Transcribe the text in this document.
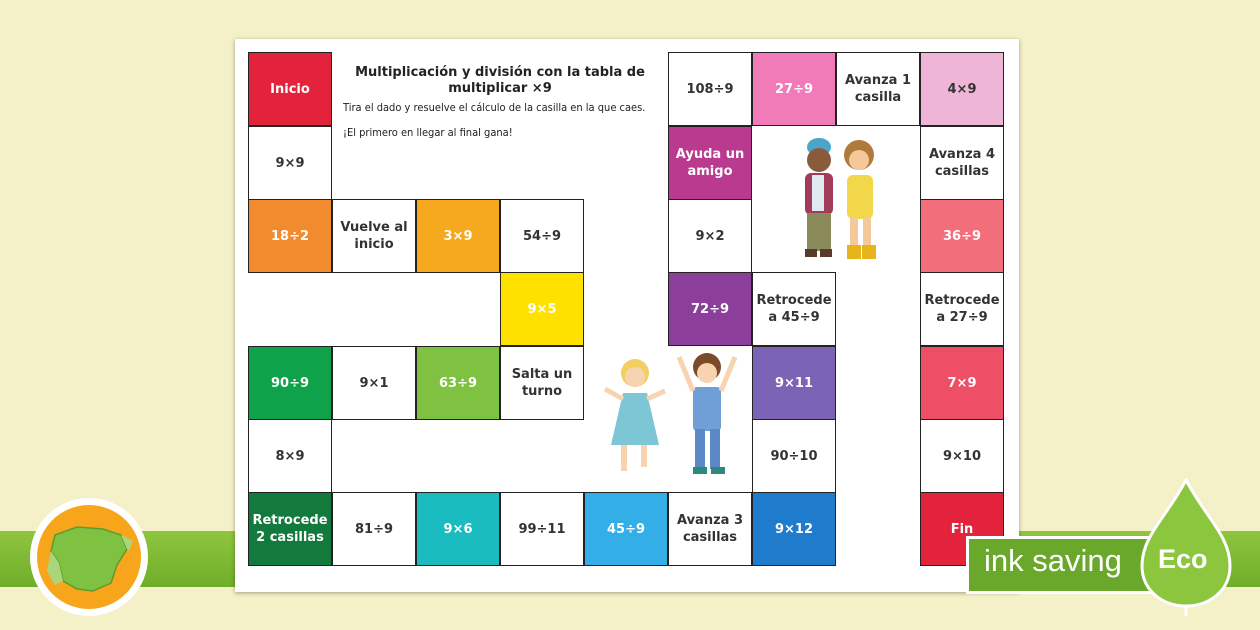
Multiplicación y división con la tabla de multiplicar ×9
Tira el dado y resuelve el cálculo de la casilla en la que caes.
¡El primero en llegar al final gana!
Inicio
9×9
18÷2
Vuelve al inicio
3×9	54÷9
9×5
Salta un turno
63÷9
9×1
90÷9
8×9
Retrocede 2 casillas
81÷9	9×6	99÷11	45÷9
Avanza 3 casillas
9×12
90÷10
9×11
Retrocede a 45÷9
72÷9
9×2
Ayuda un amigo
108÷9	27÷9
Avanza 1 casilla
4×9
Avanza 4 casillas
36÷9
Retrocede a 27÷9
7×9
9×10
Fin
ink saving Eco
